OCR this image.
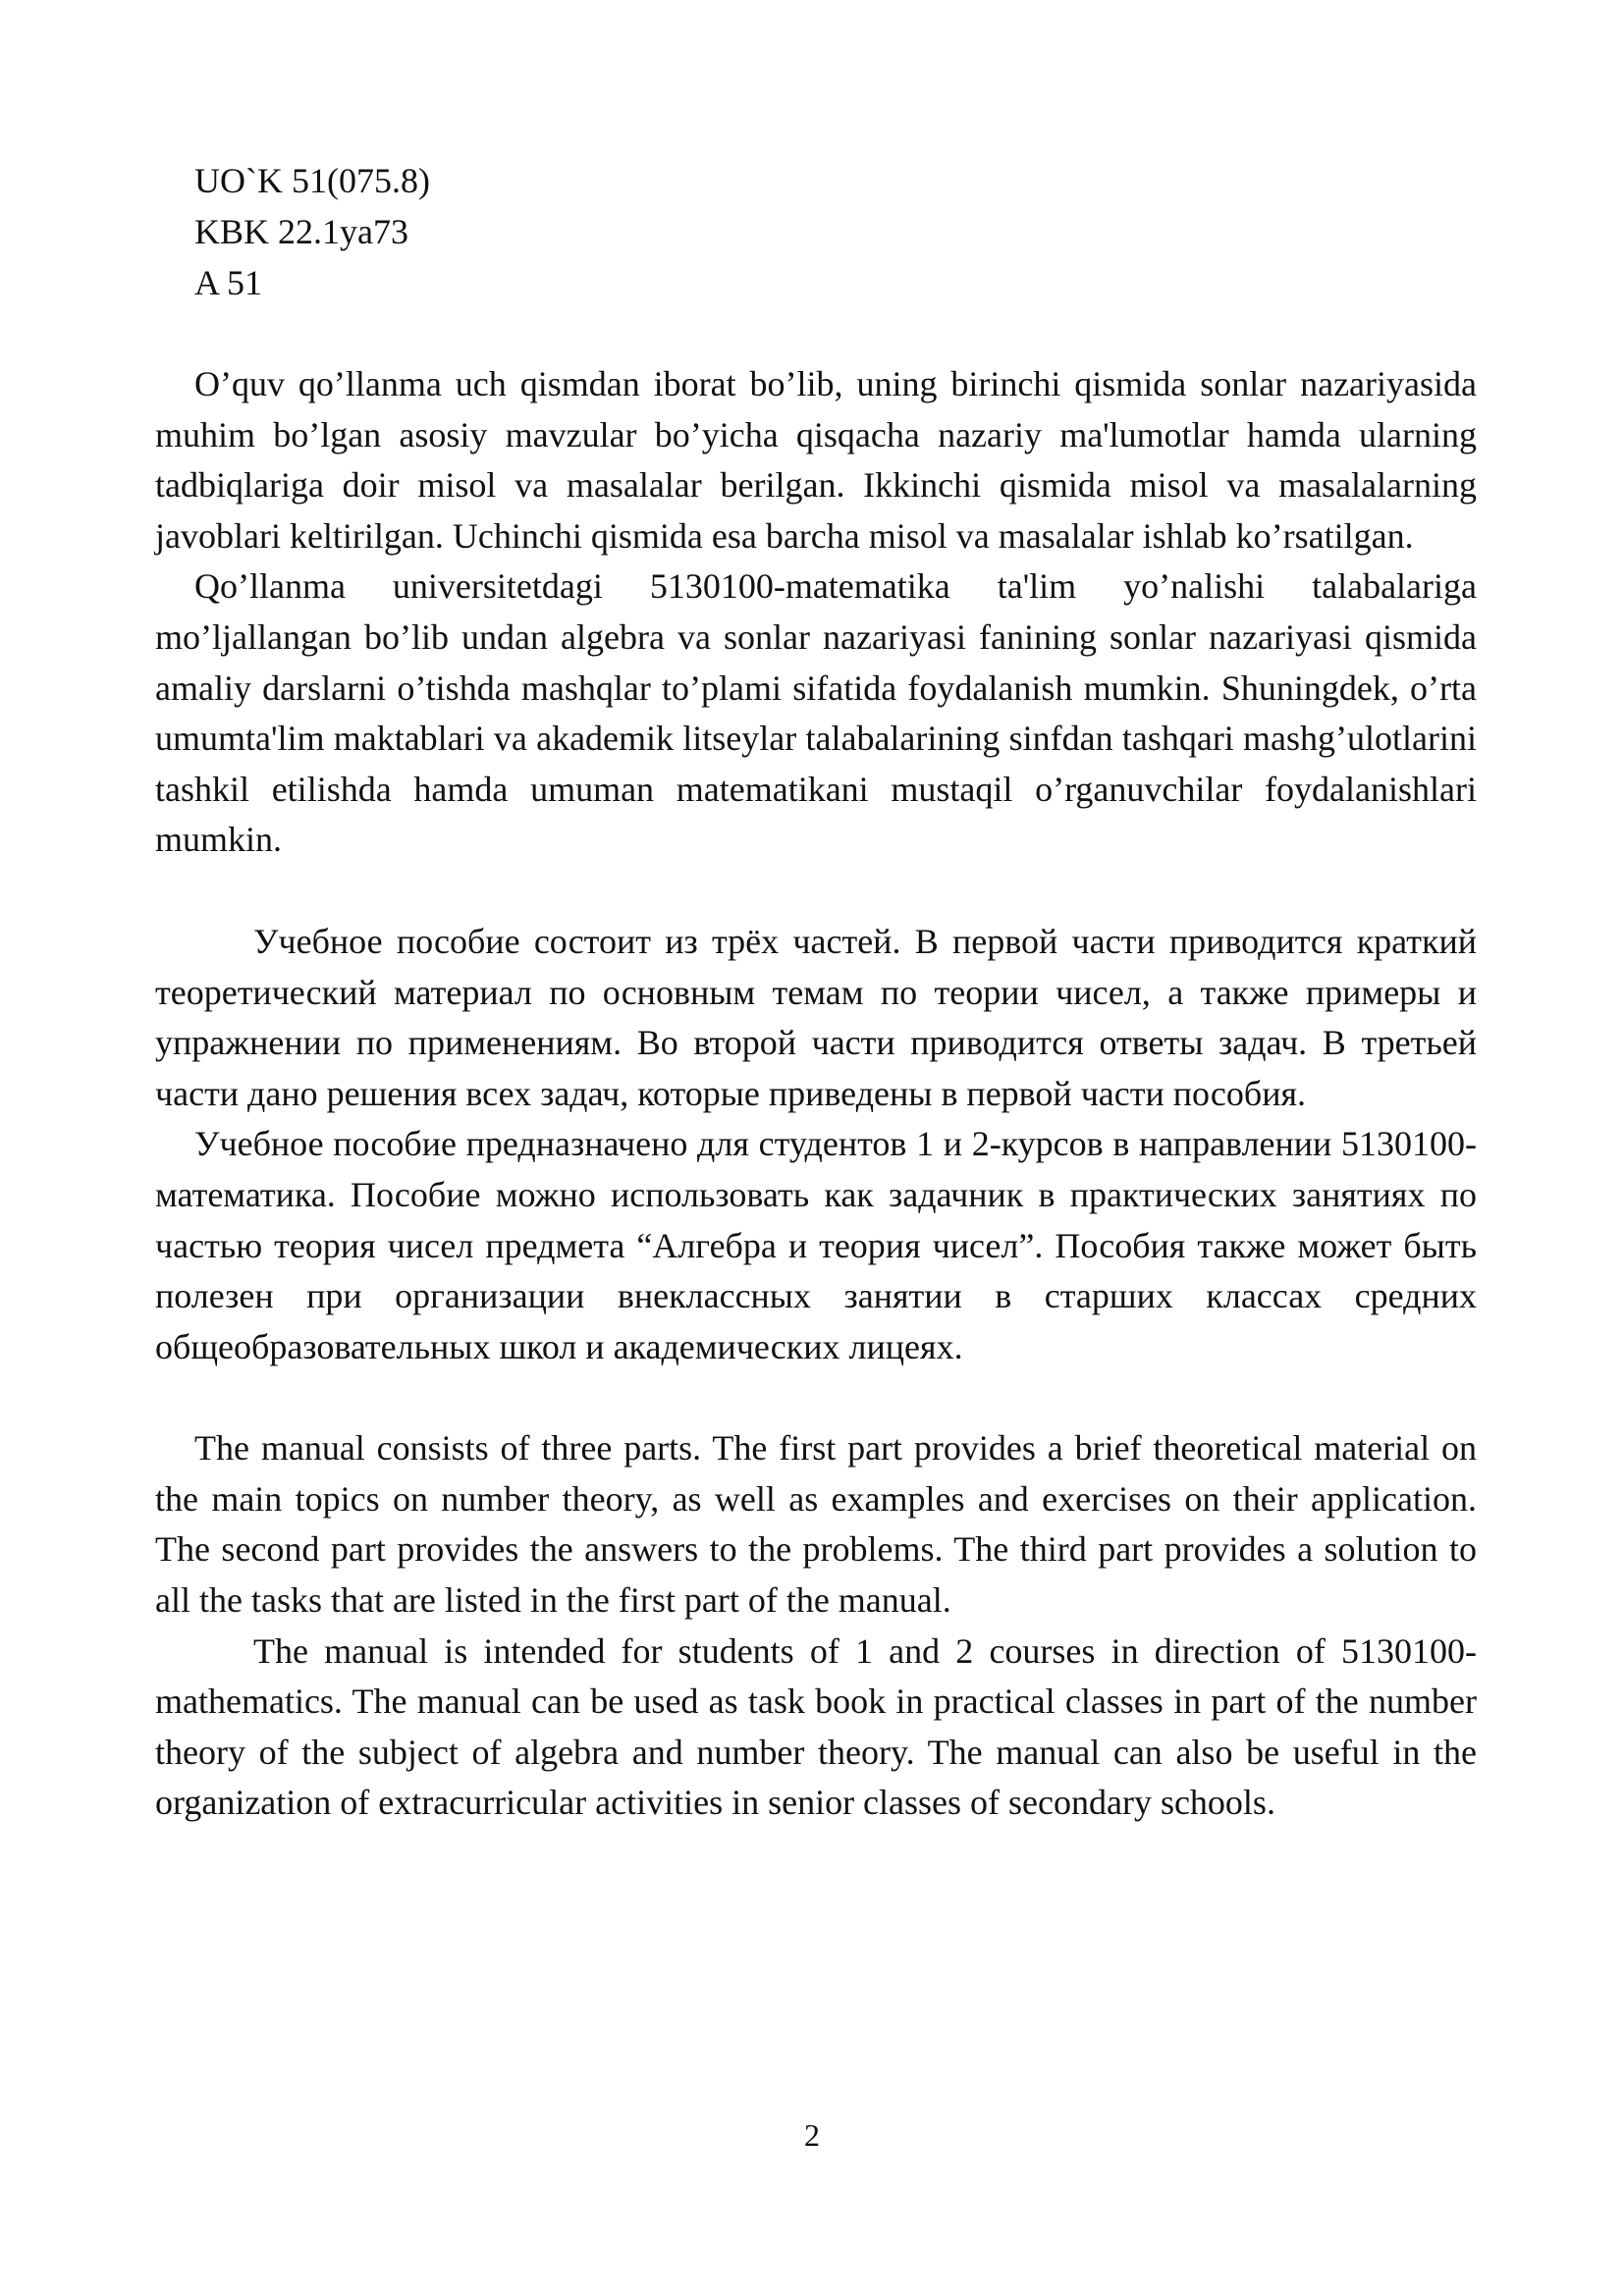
UO`K 51(075.8)
KBK 22.1ya73
A 51

O’quv qo’llanma uch qismdan iborat bo’lib, uning birinchi qismida sonlar nazariyasida muhim bo’lgan asosiy mavzular bo’yicha qisqacha nazariy ma'lumotlar hamda ularning tadbiqlariga doir misol va masalalar berilgan. Ikkinchi qismida misol va masalalarning javoblari keltirilgan. Uchinchi qismida esa barcha misol va masalalar ishlab ko’rsatilgan.

Qo’llanma universitetdagi 5130100-matematika ta'lim yo’nalishi talabalariga mo’ljallangan bo’lib undan algebra va sonlar nazariyasi fanining sonlar nazariyasi qismida amaliy darslarni o’tishda mashqlar to’plami sifatida foydalanish mumkin. Shuningdek, o’rta umumta'lim maktablari va akademik litseylar talabalarining sinfdan tashqari mashg’ulotlarini tashkil etilishda hamda umuman matematikani mustaqil o’rganuvchilar foydalanishlari mumkin.

Учебное пособие состоит из трёх частей. В первой части приводится краткий теоретический материал по основным темам по теории чисел, а также примеры и упражнении по применениям. Во второй части приводится ответы задач. В третьей части дано решения всех задач, которые приведены в первой части пособия.

Учебное пособие предназначено для студентов 1 и 2-курсов в направлении 5130100-математика. Пособие можно использовать как задачник в практических занятиях по частью теория чисел предмета “Алгебра и теория чисел”. Пособия также может быть полезен при организации внеклассных занятии в старших классах средних общеобразовательных школ и академических лицеях.

The manual consists of three parts. The first part provides a brief theoretical material on the main topics on number theory, as well as examples and exercises on their application. The second part provides the answers to the problems. The third part provides a solution to all the tasks that are listed in the first part of the manual.

The manual is intended for students of 1 and 2 courses in direction of 5130100-mathematics. The manual can be used as task book in practical classes in part of the number theory of the subject of algebra and number theory. The manual can also be useful in the organization of extracurricular activities in senior classes of secondary schools.

2
